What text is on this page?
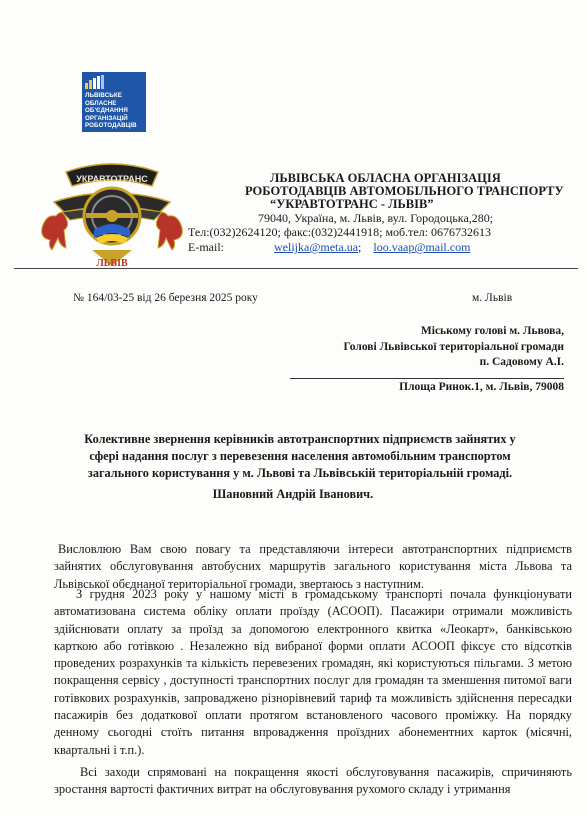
ЛЬВІВСЬКЕ
ОБЛАСНЕ
ОБ'ЄДНАННЯ
ОРГАНІЗАЦІЙ
РОБОТОДАВЦІВ
УКРАВТОТРАНС
ЛЬВІВ
ЛЬВІВСЬКА ОБЛАСНА ОРГАНІЗАЦІЯ
РОБОТОДАВЦІВ АВТОМОБІЛЬНОГО ТРАНСПОРТУ
“УКРАВТОТРАНС - ЛЬВІВ”
79040, Україна, м. Львів, вул. Городоцька,280;
Тел:(032)2624120; факс:(032)2441918; моб.тел: 0676732613
E-mail:	welijka@meta.ua; loo.vaap@mail.com
№ 164/03-25 від 26 березня 2025 року	м. Львів
Міському голові м. Львова,
Голові Львівської територіальної громади
п. Садовому А.І.
Площа Ринок.1, м. Львів, 79008
Колективне звернення керівників автотранспортних підприємств зайнятих у сфері надання послуг з перевезення населення автомобільним транспортом загального користування у м. Львові та Львівській територіальній громаді.
Шановний Андрій Іванович.
Висловлюю Вам свою повагу та представляючи інтереси автотранспортних підприємств зайнятих обслуговування автобусних маршрутів загального користування міста Львова та Львівської обєднаної територіальної громади, звертаюсь з наступним.
З грудня 2023 року у нашому місті в громадському транспорті почала функціонувати автоматизована система обліку оплати проїзду (АСООП). Пасажири отримали можливість здійснювати оплату за проїзд за допомогою електронного квитка «Леокарт», банківською карткою або готівкою . Незалежно від вибраної форми оплати АСООП фіксує сто відсотків проведених розрахунків та кількість перевезених громадян, які користуються пільгами. З метою покращення сервісу , доступності транспортних послуг для громадян та зменшення питомої ваги готівкових розрахунків, запроваджено різнорівневий тариф та можливість здійснення пересадки пасажирів без додаткової оплати протягом встановленого часового проміжку. На порядку денному сьогодні стоїть питання впровадження проїздних абонементних карток (місячні, квартальні і т.п.).
Всі заходи спрямовані на покращення якості обслуговування пасажирів, спричиняють зростання вартості фактичних витрат на обслуговування рухомого складу і утримання
